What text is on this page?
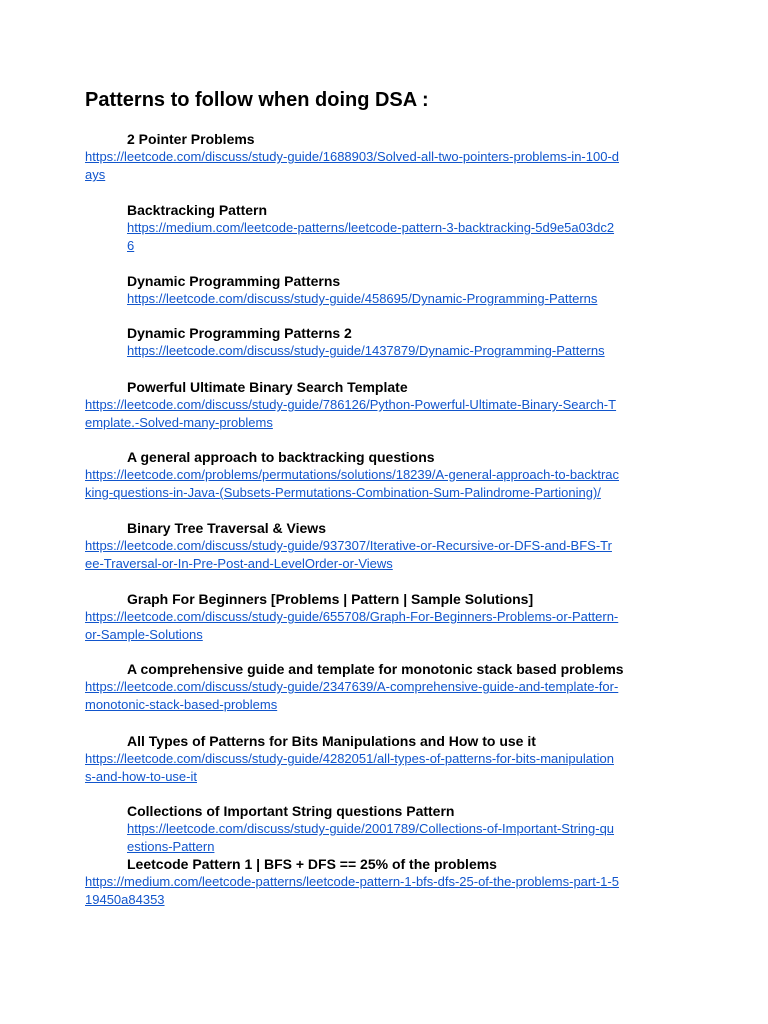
Patterns to follow when doing DSA :
2 Pointer Problems
https://leetcode.com/discuss/study-guide/1688903/Solved-all-two-pointers-problems-in-100-days
Backtracking Pattern
https://medium.com/leetcode-patterns/leetcode-pattern-3-backtracking-5d9e5a03dc26
Dynamic Programming Patterns
https://leetcode.com/discuss/study-guide/458695/Dynamic-Programming-Patterns
Dynamic Programming Patterns 2
https://leetcode.com/discuss/study-guide/1437879/Dynamic-Programming-Patterns
Powerful Ultimate Binary Search Template
https://leetcode.com/discuss/study-guide/786126/Python-Powerful-Ultimate-Binary-Search-Template.-Solved-many-problems
A general approach to backtracking questions
https://leetcode.com/problems/permutations/solutions/18239/A-general-approach-to-backtracking-questions-in-Java-(Subsets-Permutations-Combination-Sum-Palindrome-Partioning)/
Binary Tree Traversal & Views
https://leetcode.com/discuss/study-guide/937307/Iterative-or-Recursive-or-DFS-and-BFS-Tree-Traversal-or-In-Pre-Post-and-LevelOrder-or-Views
Graph For Beginners [Problems | Pattern | Sample Solutions]
https://leetcode.com/discuss/study-guide/655708/Graph-For-Beginners-Problems-or-Pattern-or-Sample-Solutions
A comprehensive guide and template for monotonic stack based problems
https://leetcode.com/discuss/study-guide/2347639/A-comprehensive-guide-and-template-for-monotonic-stack-based-problems
All Types of Patterns for Bits Manipulations and How to use it
https://leetcode.com/discuss/study-guide/4282051/all-types-of-patterns-for-bits-manipulations-and-how-to-use-it
Collections of Important String questions Pattern
https://leetcode.com/discuss/study-guide/2001789/Collections-of-Important-String-questions-Pattern
Leetcode Pattern 1 | BFS + DFS == 25% of the problems
https://medium.com/leetcode-patterns/leetcode-pattern-1-bfs-dfs-25-of-the-problems-part-1-519450a84353
